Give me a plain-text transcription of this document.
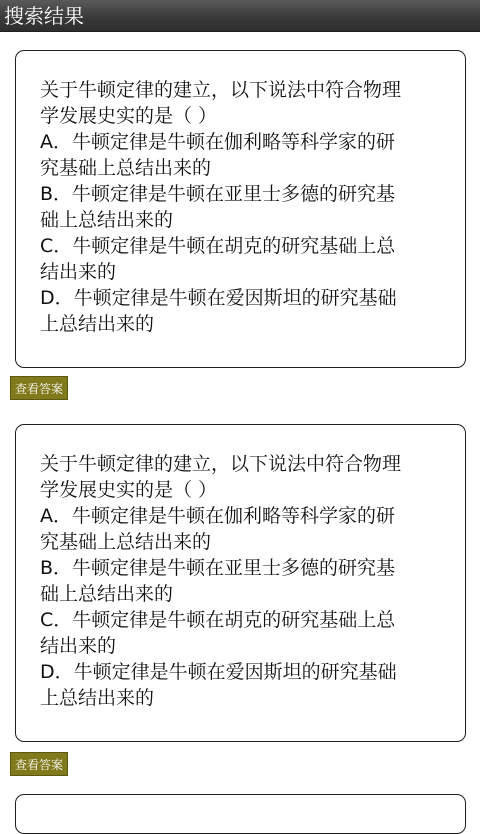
搜索结果
关于牛顿定律的建立，以下说法中符合物理
学发展史实的是（ ）
A．牛顿定律是牛顿在伽利略等科学家的研
究基础上总结出来的
B．牛顿定律是牛顿在亚里士多德的研究基
础上总结出来的
C．牛顿定律是牛顿在胡克的研究基础上总
结出来的
D．牛顿定律是牛顿在爱因斯坦的研究基础
上总结出来的
查看答案
关于牛顿定律的建立，以下说法中符合物理
学发展史实的是（ ）
A．牛顿定律是牛顿在伽利略等科学家的研
究基础上总结出来的
B．牛顿定律是牛顿在亚里士多德的研究基
础上总结出来的
C．牛顿定律是牛顿在胡克的研究基础上总
结出来的
D．牛顿定律是牛顿在爱因斯坦的研究基础
上总结出来的
查看答案
